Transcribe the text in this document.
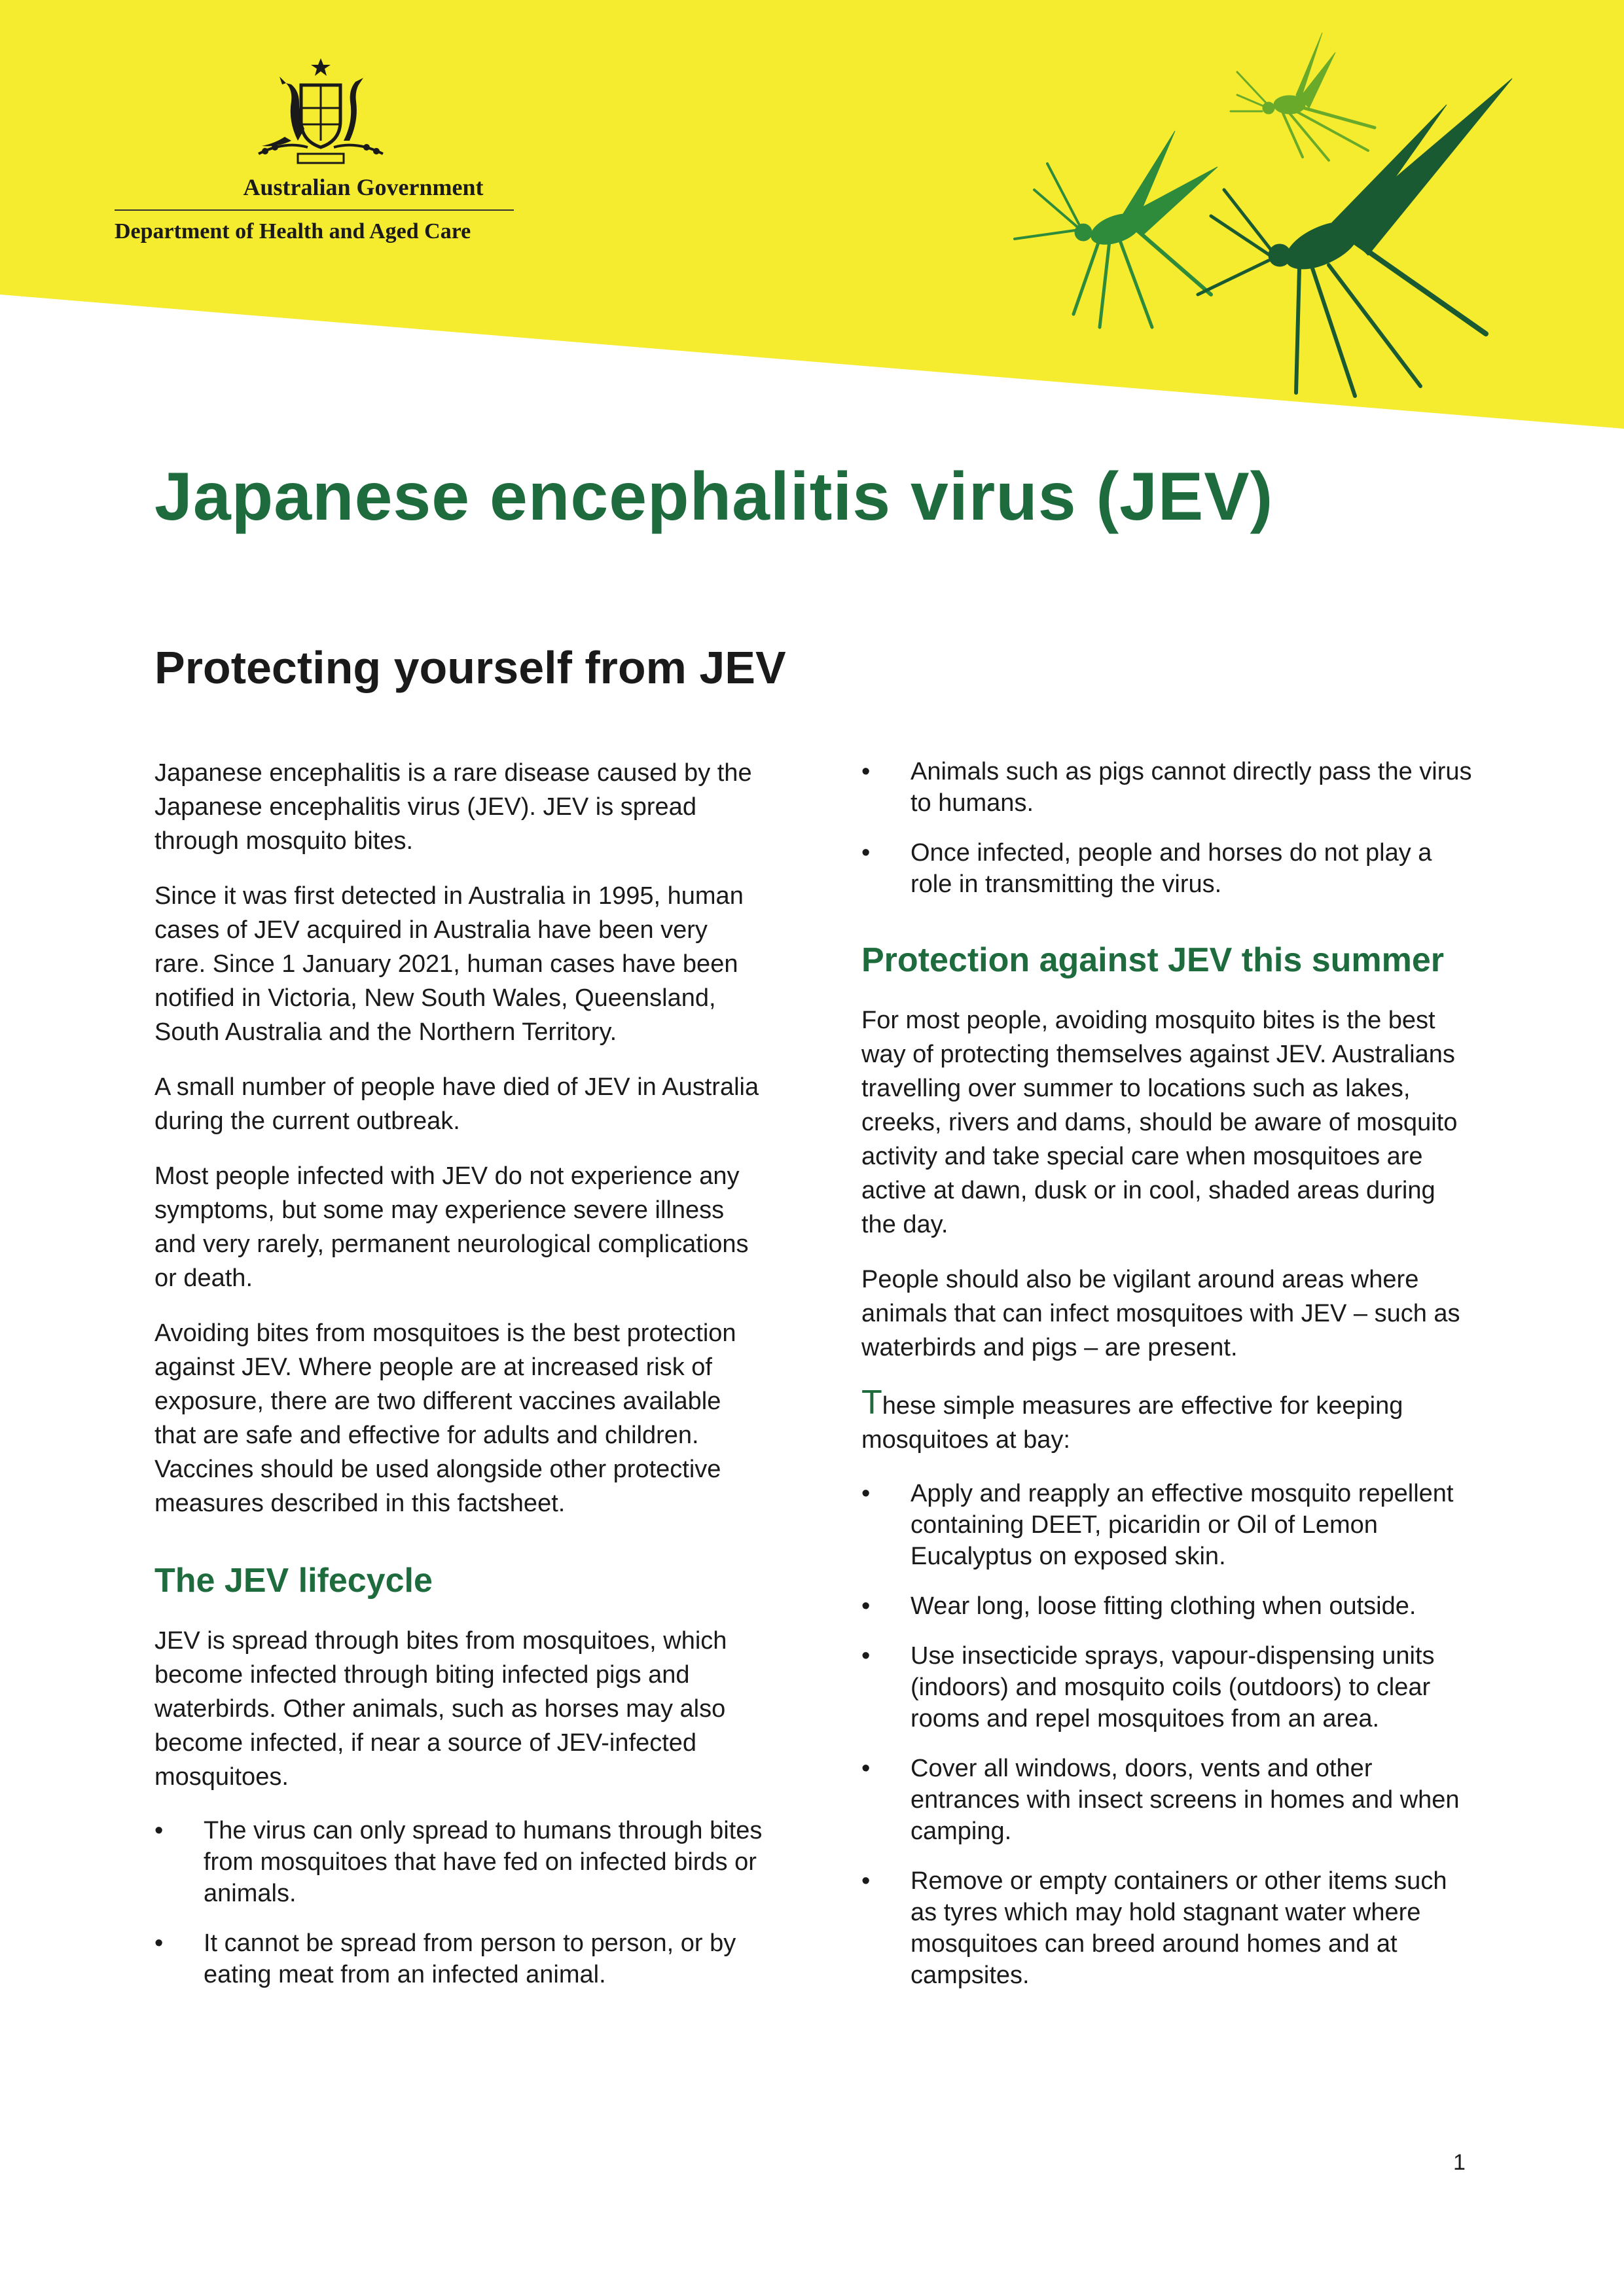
Australian Government
Department of Health and Aged Care
Japanese encephalitis virus (JEV)
Protecting yourself from JEV

Japanese encephalitis is a rare disease caused by the Japanese encephalitis virus (JEV). JEV is spread through mosquito bites.

Since it was first detected in Australia in 1995, human cases of JEV acquired in Australia have been very rare. Since 1 January 2021, human cases have been notified in Victoria, New South Wales, Queensland, South Australia and the Northern Territory.

A small number of people have died of JEV in Australia during the current outbreak.

Most people infected with JEV do not experience any symptoms, but some may experience severe illness and very rarely, permanent neurological complications or death.

Avoiding bites from mosquitoes is the best protection against JEV. Where people are at increased risk of exposure, there are two different vaccines available that are safe and effective for adults and children. Vaccines should be used alongside other protective measures described in this factsheet.

The JEV lifecycle

JEV is spread through bites from mosquitoes, which become infected through biting infected pigs and waterbirds. Other animals, such as horses may also become infected, if near a source of JEV-infected mosquitoes.

•	The virus can only spread to humans through bites from mosquitoes that have fed on infected birds or animals.
•	It cannot be spread from person to person, or by eating meat from an infected animal.
•	Animals such as pigs cannot directly pass the virus to humans.
•	Once infected, people and horses do not play a role in transmitting the virus.
Protection against JEV this summer

For most people, avoiding mosquito bites is the best way of protecting themselves against JEV. Australians travelling over summer to locations such as lakes, creeks, rivers and dams, should be aware of mosquito activity and take special care when mosquitoes are active at dawn, dusk or in cool, shaded areas during the day.

People should also be vigilant around areas where animals that can infect mosquitoes with JEV – such as waterbirds and pigs – are present.

These simple measures are effective for keeping mosquitoes at bay:

•	Apply and reapply an effective mosquito repellent containing DEET, picaridin or Oil of Lemon Eucalyptus on exposed skin.
•	Wear long, loose fitting clothing when outside.
•	Use insecticide sprays, vapour-dispensing units (indoors) and mosquito coils (outdoors) to clear rooms and repel mosquitoes from an area.
•	Cover all windows, doors, vents and other entrances with insect screens in homes and when camping.
•	Remove or empty containers or other items such as tyres which may hold stagnant water where mosquitoes can breed around homes and at campsites.
1
